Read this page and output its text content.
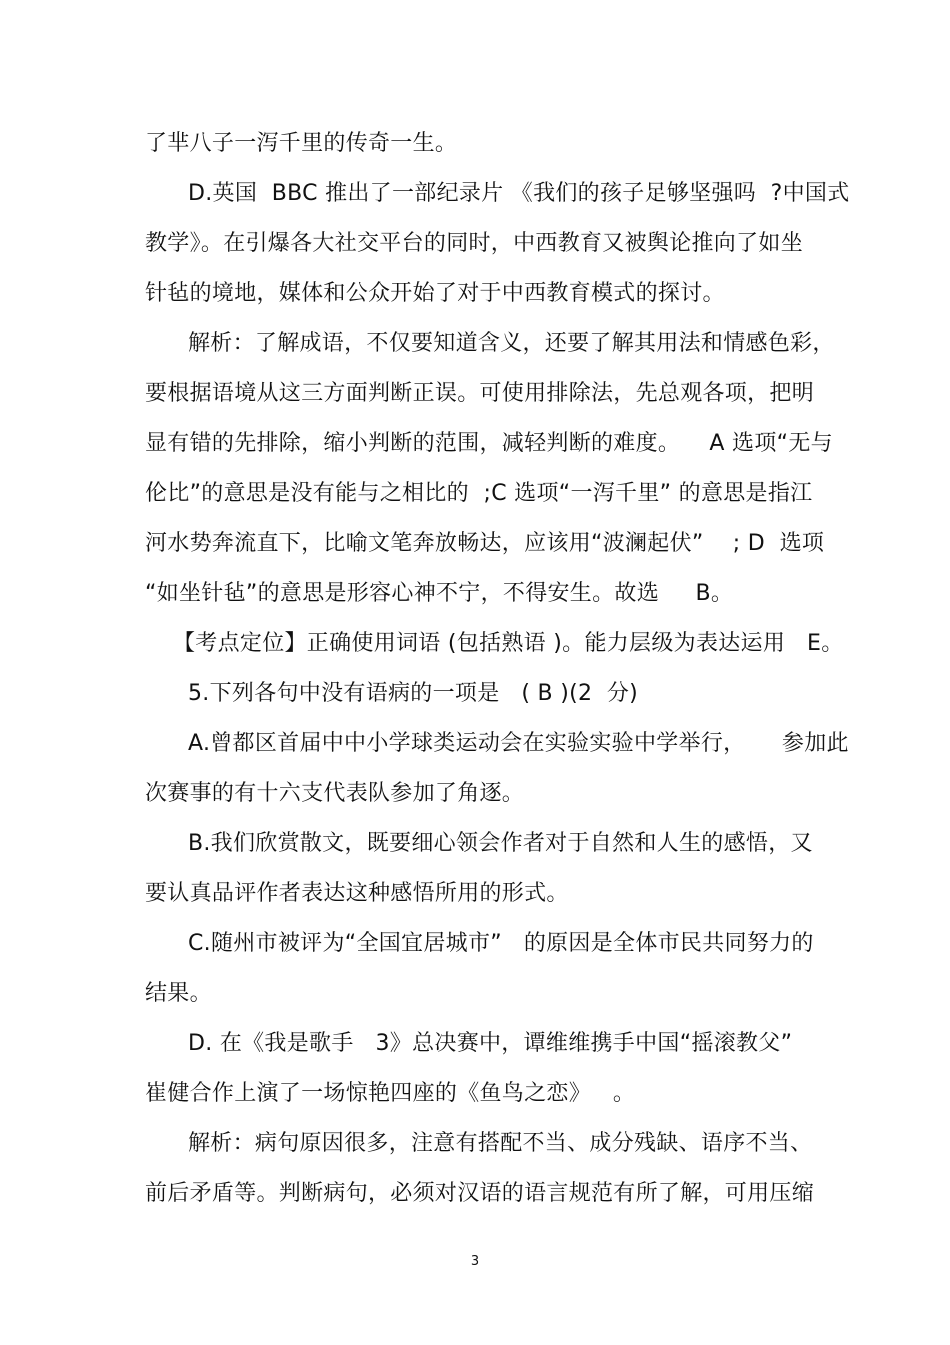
了芈八子一泻千里的传奇一生。
D.英国  BBC 推出了一部纪录片 《我们的孩子足够坚强吗  ?中国式
教学》。在引爆各大社交平台的同时，中西教育又被舆论推向了如坐
针毡的境地，媒体和公众开始了对于中西教育模式的探讨。
解析：了解成语，不仅要知道含义，还要了解其用法和情感色彩，
要根据语境从这三方面判断正误。可使用排除法，先总观各项，把明
显有错的先排除，缩小判断的范围，减轻判断的难度。    A 选项“无与
伦比”的意思是没有能与之相比的  ;C 选项“一泻千里” 的意思是指江
河水势奔流直下，比喻文笔奔放畅达，应该用“波澜起伏”    ; D  选项
“如坐针毡”的意思是形容心神不宁，不得安生。故选     B。
【考点定位】正确使用词语 (包括熟语 )。能力层级为表达运用   E。
5.下列各句中没有语病的一项是   ( B )(2  分)
A.曾都区首届中中小学球类运动会在实验实验中学举行，     参加此
次赛事的有十六支代表队参加了角逐。
B.我们欣赏散文，既要细心领会作者对于自然和人生的感悟，又
要认真品评作者表达这种感悟所用的形式。
C.随州市被评为“全国宜居城市”   的原因是全体市民共同努力的
结果。
D. 在《我是歌手   3》总决赛中，谭维维携手中国“摇滚教父”
崔健合作上演了一场惊艳四座的《鱼鸟之恋》   。
解析：病句原因很多，注意有搭配不当、成分残缺、语序不当、
前后矛盾等。判断病句，必须对汉语的语言规范有所了解，可用压缩
3
